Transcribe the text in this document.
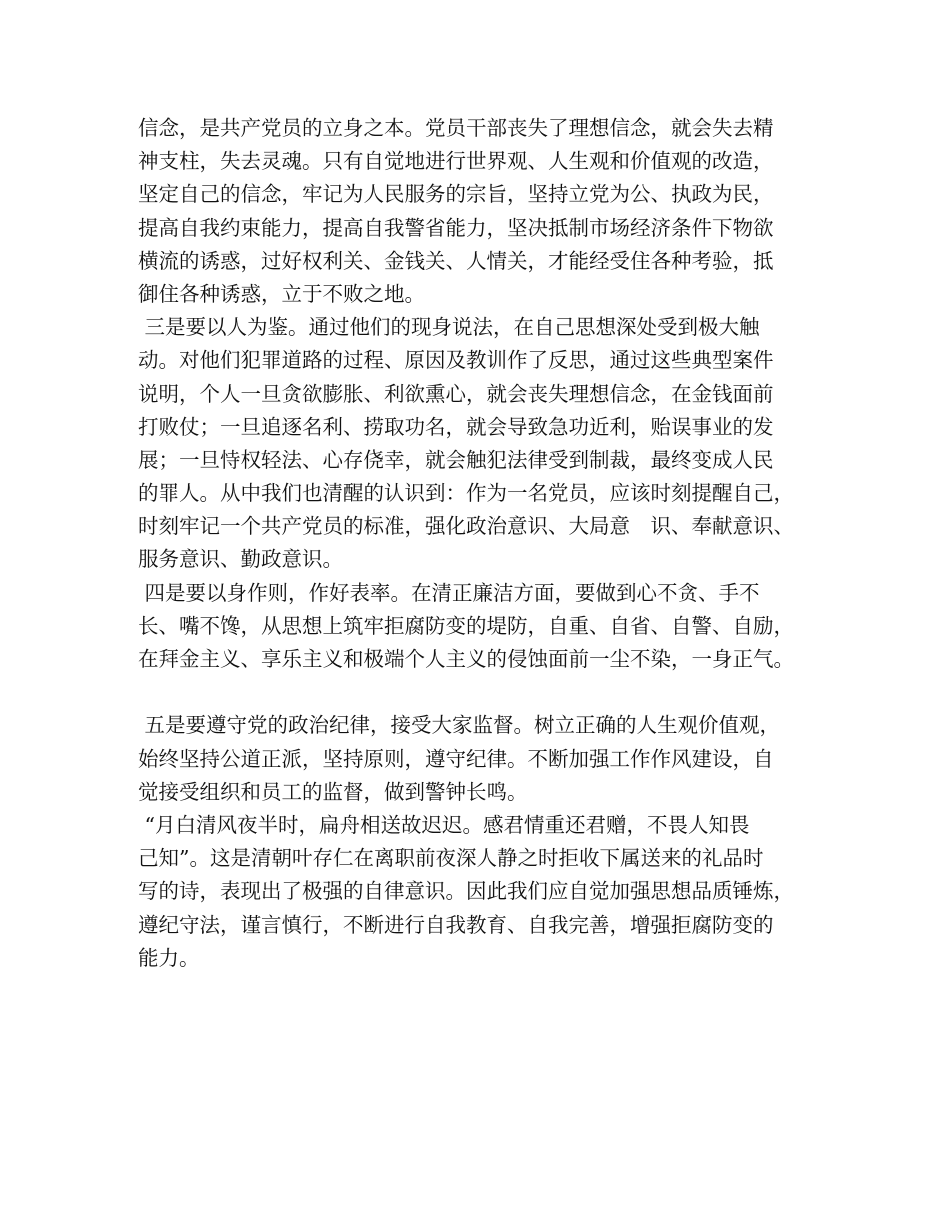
信念，是共产党员的立身之本。党员干部丧失了理想信念，就会失去精
神支柱，失去灵魂。只有自觉地进行世界观、人生观和价值观的改造，
坚定自己的信念，牢记为人民服务的宗旨，坚持立党为公、执政为民，
提高自我约束能力，提高自我警省能力，坚决抵制市场经济条件下物欲
横流的诱惑，过好权利关、金钱关、人情关，才能经受住各种考验，抵
御住各种诱惑，立于不败之地。
三是要以人为鉴。通过他们的现身说法，在自己思想深处受到极大触
动。对他们犯罪道路的过程、原因及教训作了反思，通过这些典型案件
说明，个人一旦贪欲膨胀、利欲熏心，就会丧失理想信念，在金钱面前
打败仗；一旦追逐名利、捞取功名，就会导致急功近利，贻误事业的发
展；一旦恃权轻法、心存侥幸，就会触犯法律受到制裁，最终变成人民
的罪人。从中我们也清醒的认识到：作为一名党员，应该时刻提醒自己，
时刻牢记一个共产党员的标准，强化政治意识、大局意　识、奉献意识、
服务意识、勤政意识。
四是要以身作则，作好表率。在清正廉洁方面，要做到心不贪、手不
长、嘴不馋，从思想上筑牢拒腐防变的堤防，自重、自省、自警、自励，
在拜金主义、享乐主义和极端个人主义的侵蚀面前一尘不染，一身正气。
五是要遵守党的政治纪律，接受大家监督。树立正确的人生观价值观，
始终坚持公道正派，坚持原则，遵守纪律。不断加强工作作风建设，自
觉接受组织和员工的监督，做到警钟长鸣。
“月白清风夜半时，扁舟相送故迟迟。感君情重还君赠，不畏人知畏
己知”。这是清朝叶存仁在离职前夜深人静之时拒收下属送来的礼品时
写的诗，表现出了极强的自律意识。因此我们应自觉加强思想品质锤炼，
遵纪守法，谨言慎行，不断进行自我教育、自我完善，增强拒腐防变的
能力。
